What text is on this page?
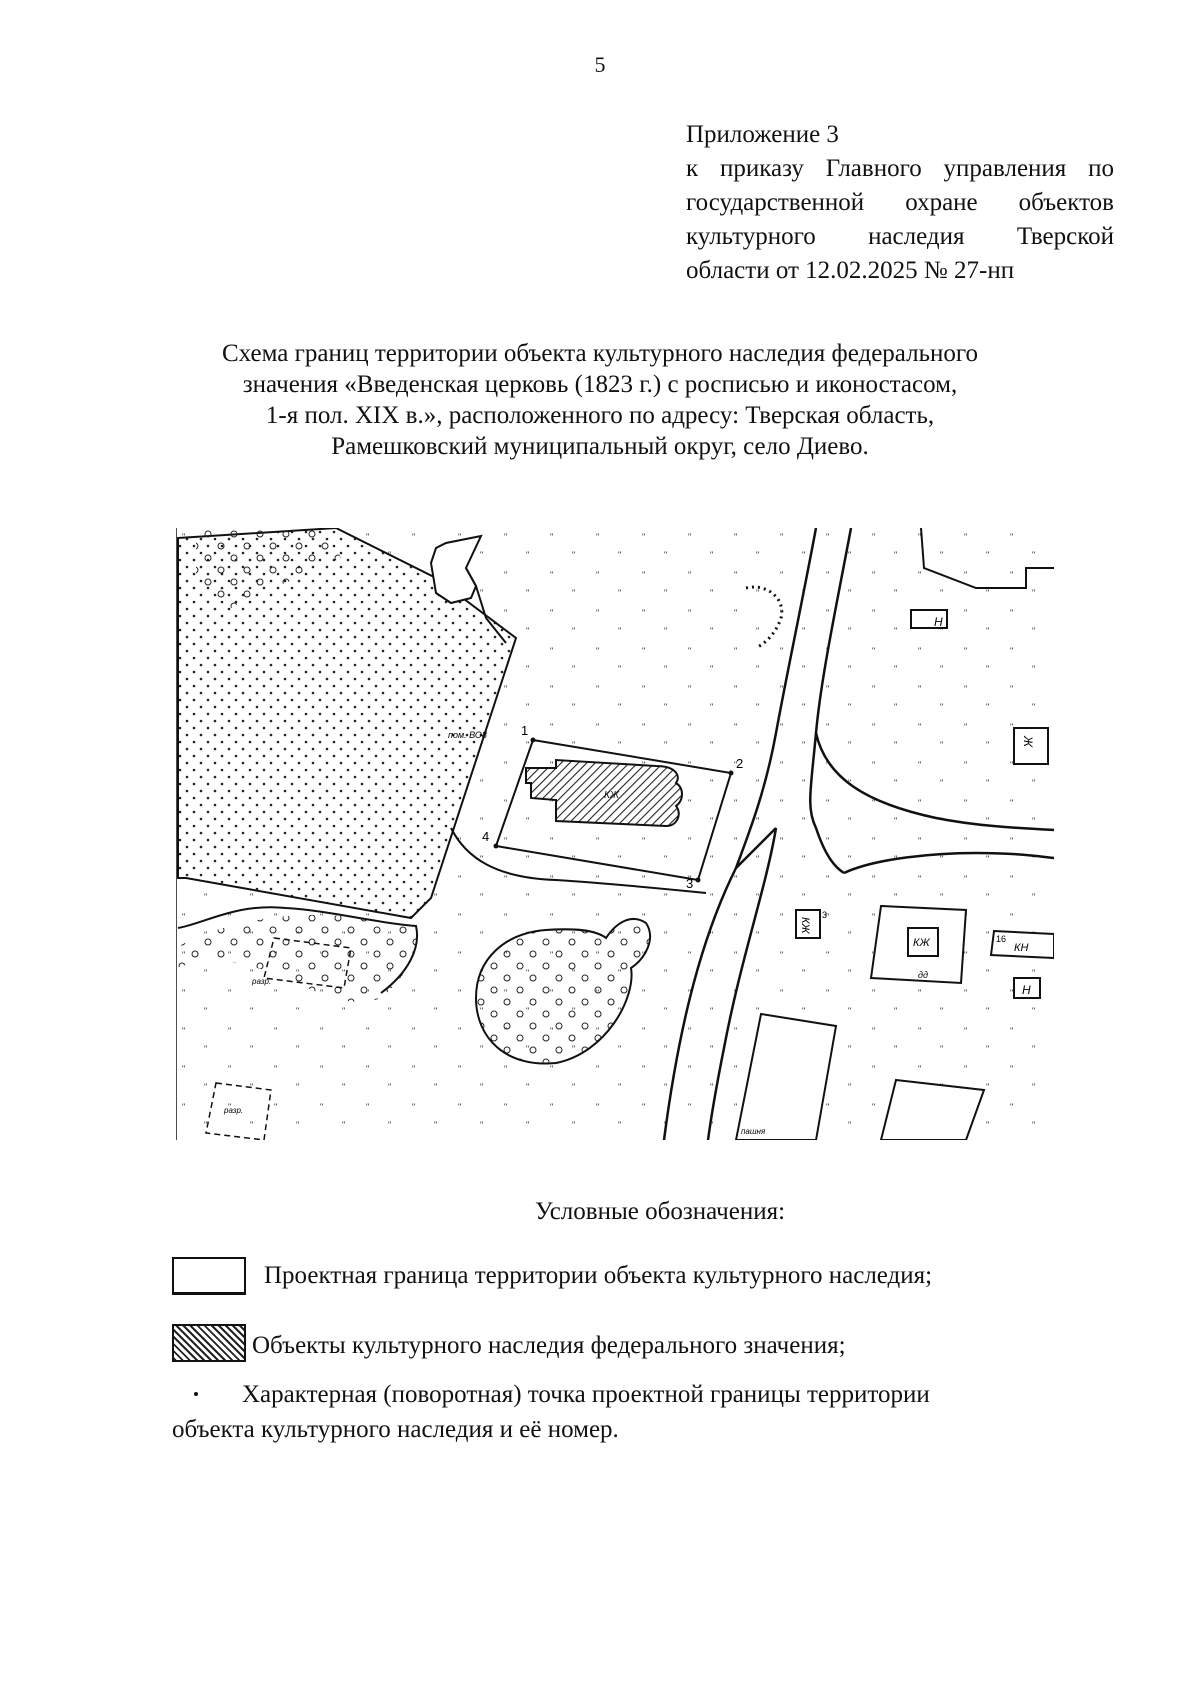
5
Приложение 3
к приказу Главного управления по
государственной охране объектов
культурного наследия Тверской
области от 12.02.2025 № 27-нп
Схема границ территории объекта культурного наследия федерального
значения «Введенская церковь (1823 г.) с росписью и иконостасом,
1-я пол. XIX в.», расположенного по адресу: Тверская область,
Рамешковский муниципальный округ, село Диево.
1
2
3
4
КЖ
Н
Ж
КЖ
3
КЖ
дд
16
КН
Н
пашня
разр.
разр.
пом. ВО8
Условные обозначения:
Проектная граница территории объекта культурного наследия;
Объекты культурного наследия федерального значения;
Характерная (поворотная) точка проектной границы территории
объекта культурного наследия и её номер.
